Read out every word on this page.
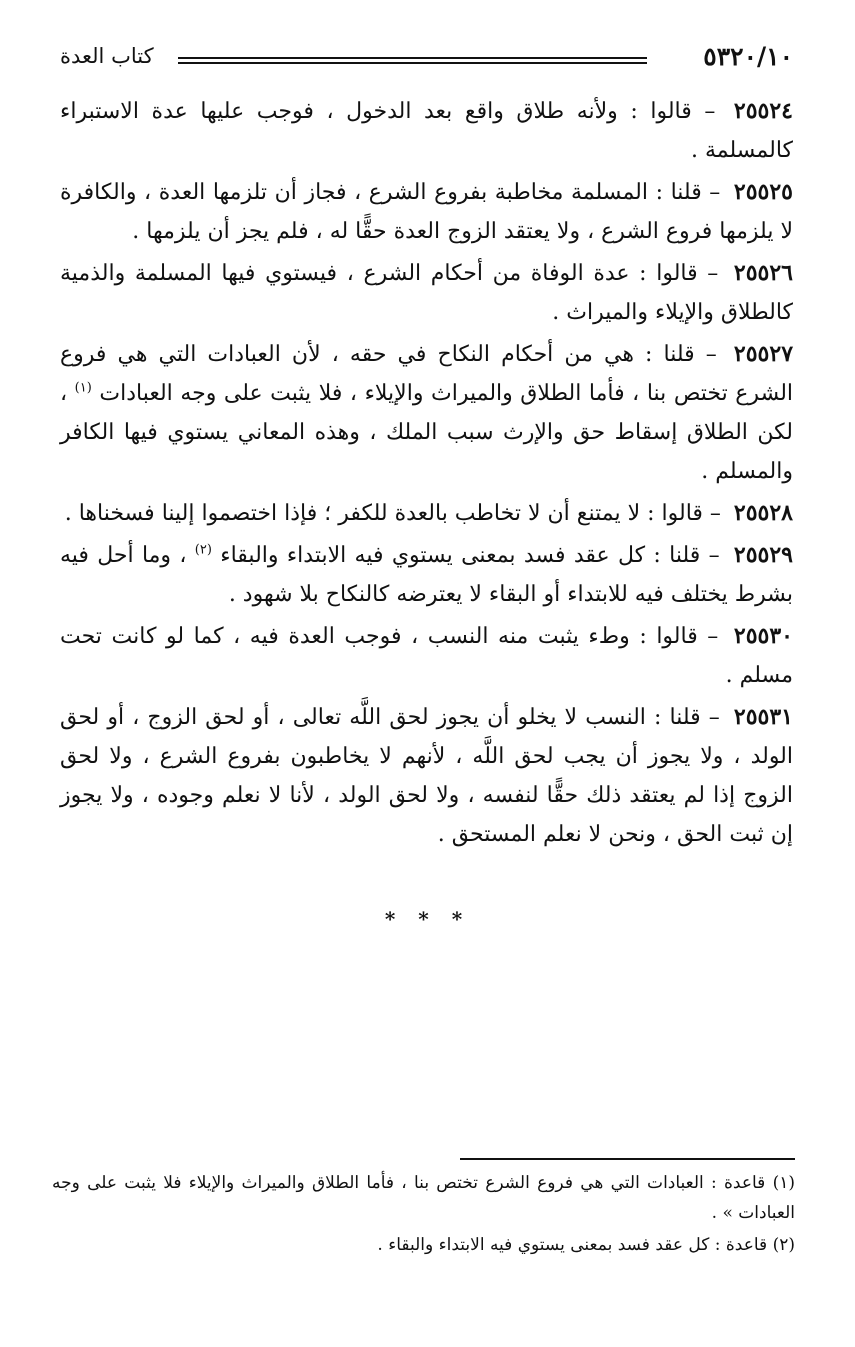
٥٣٢٠/١٠
كتاب العدة

٢٥٥٢٤ – قالوا : ولأنه طلاق واقع بعد الدخول ، فوجب عليها عدة الاستبراء كالمسلمة .

٢٥٥٢٥ – قلنا : المسلمة مخاطبة بفروع الشرع ، فجاز أن تلزمها العدة ، والكافرة لا يلزمها فروع الشرع ، ولا يعتقد الزوج العدة حقًّا له ، فلم يجز أن يلزمها .

٢٥٥٢٦ – قالوا : عدة الوفاة من أحكام الشرع ، فيستوي فيها المسلمة والذمية كالطلاق والإيلاء والميراث .

٢٥٥٢٧ – قلنا : هي من أحكام النكاح في حقه ، لأن العبادات التي هي فروع الشرع تختص بنا ، فأما الطلاق والميراث والإيلاء ، فلا يثبت على وجه العبادات $^{(١)}$ ، لكن الطلاق إسقاط حق والإرث سبب الملك ، وهذه المعاني يستوي فيها الكافر والمسلم .

٢٥٥٢٨ – قالوا : لا يمتنع أن لا تخاطب بالعدة للكفر ؛ فإذا اختصموا إلينا فسخناها .

٢٥٥٢٩ – قلنا : كل عقد فسد بمعنى يستوي فيه الابتداء والبقاء $^{(٢)}$ ، وما أحل فيه بشرط يختلف فيه للابتداء أو البقاء لا يعترضه كالنكاح بلا شهود .

٢٥٥٣٠ – قالوا : وطء يثبت منه النسب ، فوجب العدة فيه ، كما لو كانت تحت مسلم .

٢٥٥٣١ – قلنا : النسب لا يخلو أن يجوز لحق اللَّه تعالى ، أو لحق الزوج ، أو لحق الولد ، ولا يجوز أن يجب لحق اللَّه ، لأنهم لا يخاطبون بفروع الشرع ، ولا لحق الزوج إذا لم يعتقد ذلك حقًّا لنفسه ، ولا لحق الولد ، لأنا لا نعلم وجوده ، ولا يجوز إن ثبت الحق ، ونحن لا نعلم المستحق .

* * *

(١) قاعدة : العبادات التي هي فروع الشرع تختص بنا ، فأما الطلاق والميراث والإيلاء فلا يثبت على وجه العبادات » .

(٢) قاعدة : كل عقد فسد بمعنى يستوي فيه الابتداء والبقاء .
